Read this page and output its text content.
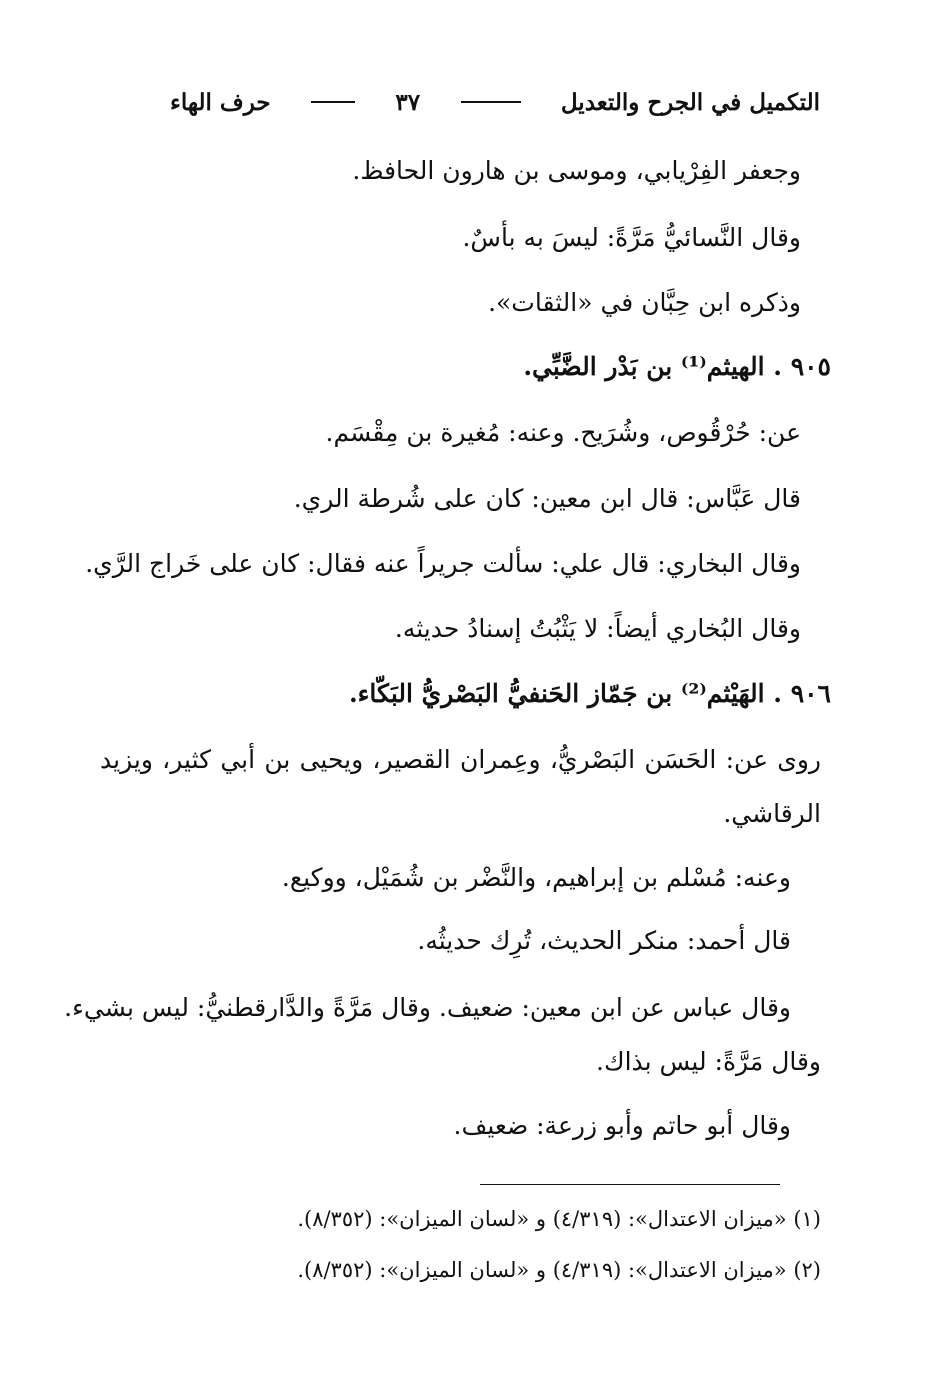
التكميل في الجرح والتعديل
٣٧
حرف الهاء
وجعفر الفِرْيابي، وموسى بن هارون الحافظ.
وقال النَّسائيُّ مَرَّةً: ليسَ به بأسٌ.
وذكره ابن حِبَّان في «الثقات».
٩٠٥ . الهيثم⁽¹⁾ بن بَدْر الضَّبِّي.
عن: حُرْقُوص، وشُرَيح. وعنه: مُغيرة بن مِقْسَم.
قال عَبَّاس: قال ابن معين: كان على شُرطة الري.
وقال البخاري: قال علي: سألت جريراً عنه فقال: كان على خَراج الرَّي.
وقال البُخاري أيضاً: لا يَثْبُتُ إسنادُ حديثه.
٩٠٦ . الهَيْثم⁽²⁾ بن جَمّاز الحَنفيُّ البَصْريُّ البَكّاء.
روى عن: الحَسَن البَصْريُّ، وعِمران القصير، ويحيى بن أبي كثير، ويزيد
الرقاشي.
وعنه: مُسْلم بن إبراهيم، والنَّضْر بن شُمَيْل، ووكيع.
قال أحمد: منكر الحديث، تُرِك حديثُه.
وقال عباس عن ابن معين: ضعيف. وقال مَرَّةً والدَّارقطنيُّ: ليس بشيء.
وقال مَرَّةً: ليس بذاك.
وقال أبو حاتم وأبو زرعة: ضعيف.
(١) «ميزان الاعتدال»: (٤/٣١٩) و «لسان الميزان»: (٨/٣٥٢).
(٢) «ميزان الاعتدال»: (٤/٣١٩) و «لسان الميزان»: (٨/٣٥٢).
